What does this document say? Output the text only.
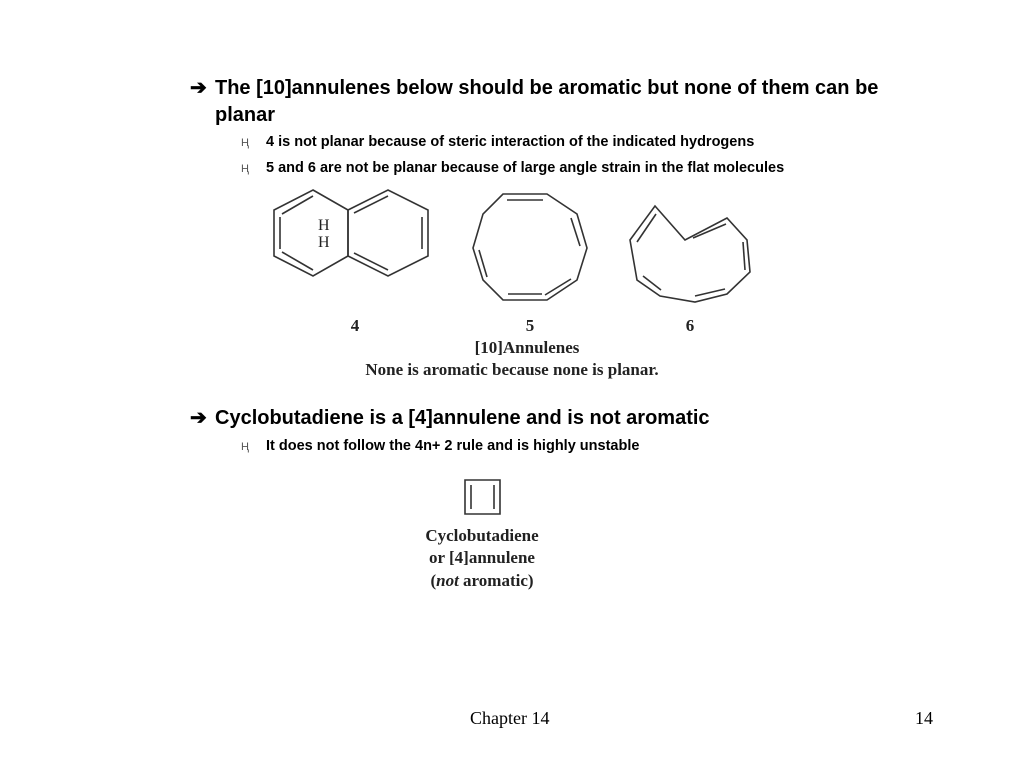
➔ The [10]annulenes below should be aromatic but none of them can be planar
Ⱨ 4 is not planar because of steric interaction of the indicated hydrogens
Ⱨ 5 and 6 are not be planar because of large angle strain in the flat molecules
H
H
4	5	6
[10]Annulenes
None is aromatic because none is planar.
➔ Cyclobutadiene is a [4]annulene and is not aromatic
Ⱨ It does not follow the 4n+ 2 rule and is highly unstable
Cyclobutadiene
or [4]annulene
(not aromatic)
Chapter 14	14
